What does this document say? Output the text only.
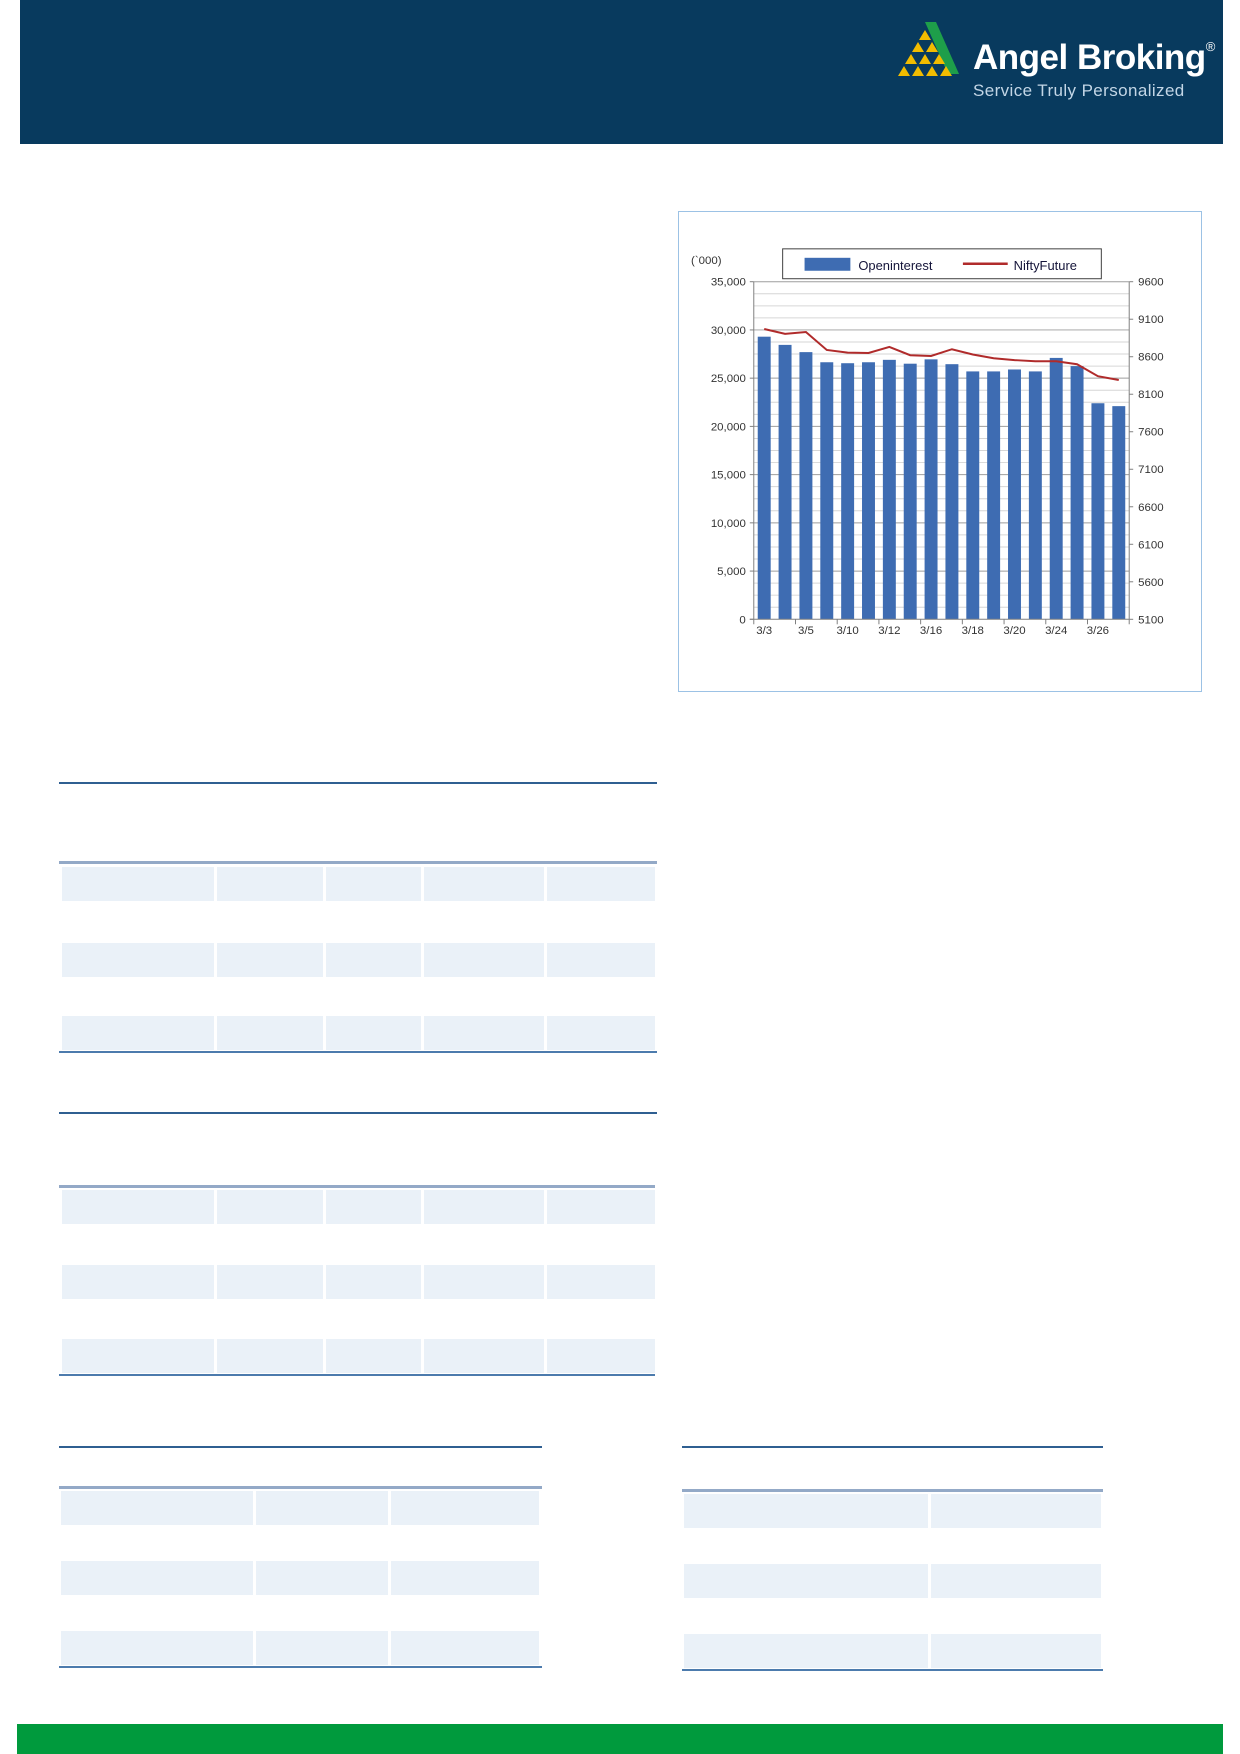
Angel Broking®
Service Truly Personalized
35,000
30,000
25,000
20,000
15,000
10,000
5,000
0
9600
9100
8600
8100
7600
7100
6600
6100
5600
5100
3/3 3/5 3/10 3/12 3/16 3/18 3/20 3/24 3/26
(`000)	Openinterest	NiftyFuture
